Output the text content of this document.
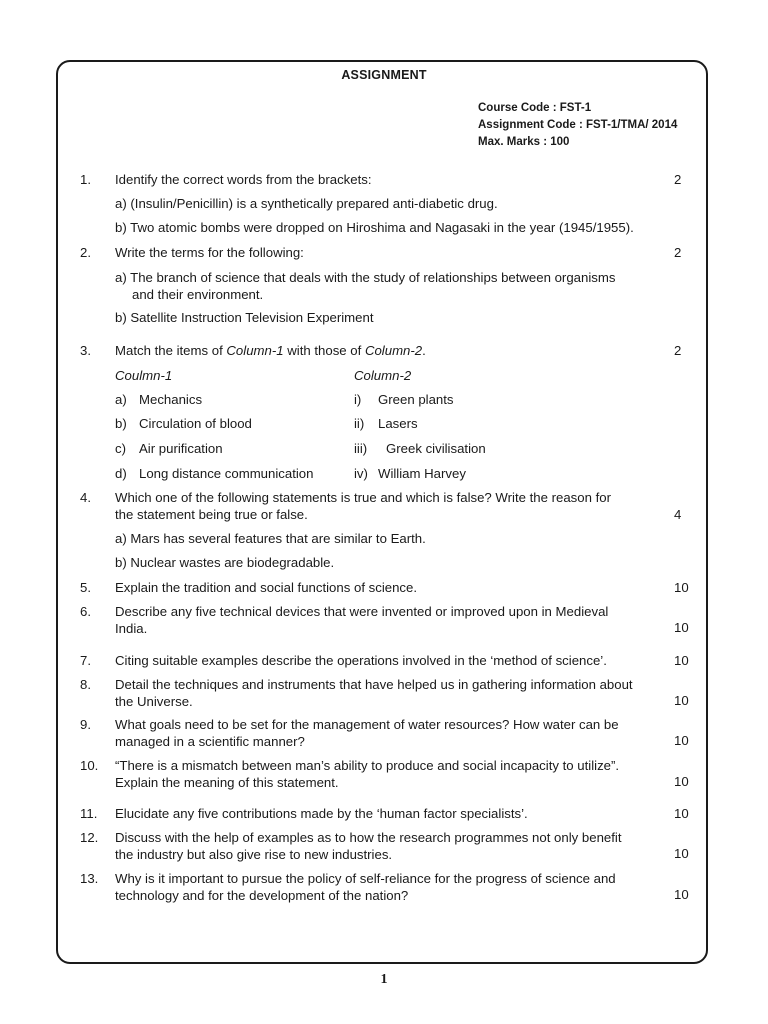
ASSIGNMENT
Course Code : FST-1
Assignment Code : FST-1/TMA/ 2014
Max. Marks : 100
1. Identify the correct words from the brackets:	2
a) (Insulin/Penicillin) is a synthetically prepared anti-diabetic drug.
b) Two atomic bombs were dropped on Hiroshima and Nagasaki in the year (1945/1955).
2. Write the terms for the following:	2
a) The branch of science that deals with the study of relationships between organisms
and their environment.
b) Satellite Instruction Television Experiment
3. Match the items of Column-1 with those of Column-2.	2
Coulmn-1	Column-2
a) Mechanics	i) Green plants
b) Circulation of blood	ii) Lasers
c) Air purification	iii) Greek civilisation
d) Long distance communication	iv) William Harvey
4. Which one of the following statements is true and which is false? Write the reason for
the statement being true or false.	4
a) Mars has several features that are similar to Earth.
b) Nuclear wastes are biodegradable.
5. Explain the tradition and social functions of science.	10
6. Describe any five technical devices that were invented or improved upon in Medieval
India.	10
7. Citing suitable examples describe the operations involved in the ‘method of science’.	10
8. Detail the techniques and instruments that have helped us in gathering information about
the Universe.	10
9. What goals need to be set for the management of water resources? How water can be
managed in a scientific manner?	10
10. “There is a mismatch between man’s ability to produce and social incapacity to utilize”.
Explain the meaning of this statement.	10
11. Elucidate any five contributions made by the ‘human factor specialists’.	10
12. Discuss with the help of examples as to how the research programmes not only benefit
the industry but also give rise to new industries.	10
13. Why is it important to pursue the policy of self-reliance for the progress of science and
technology and for the development of the nation?	10
1
